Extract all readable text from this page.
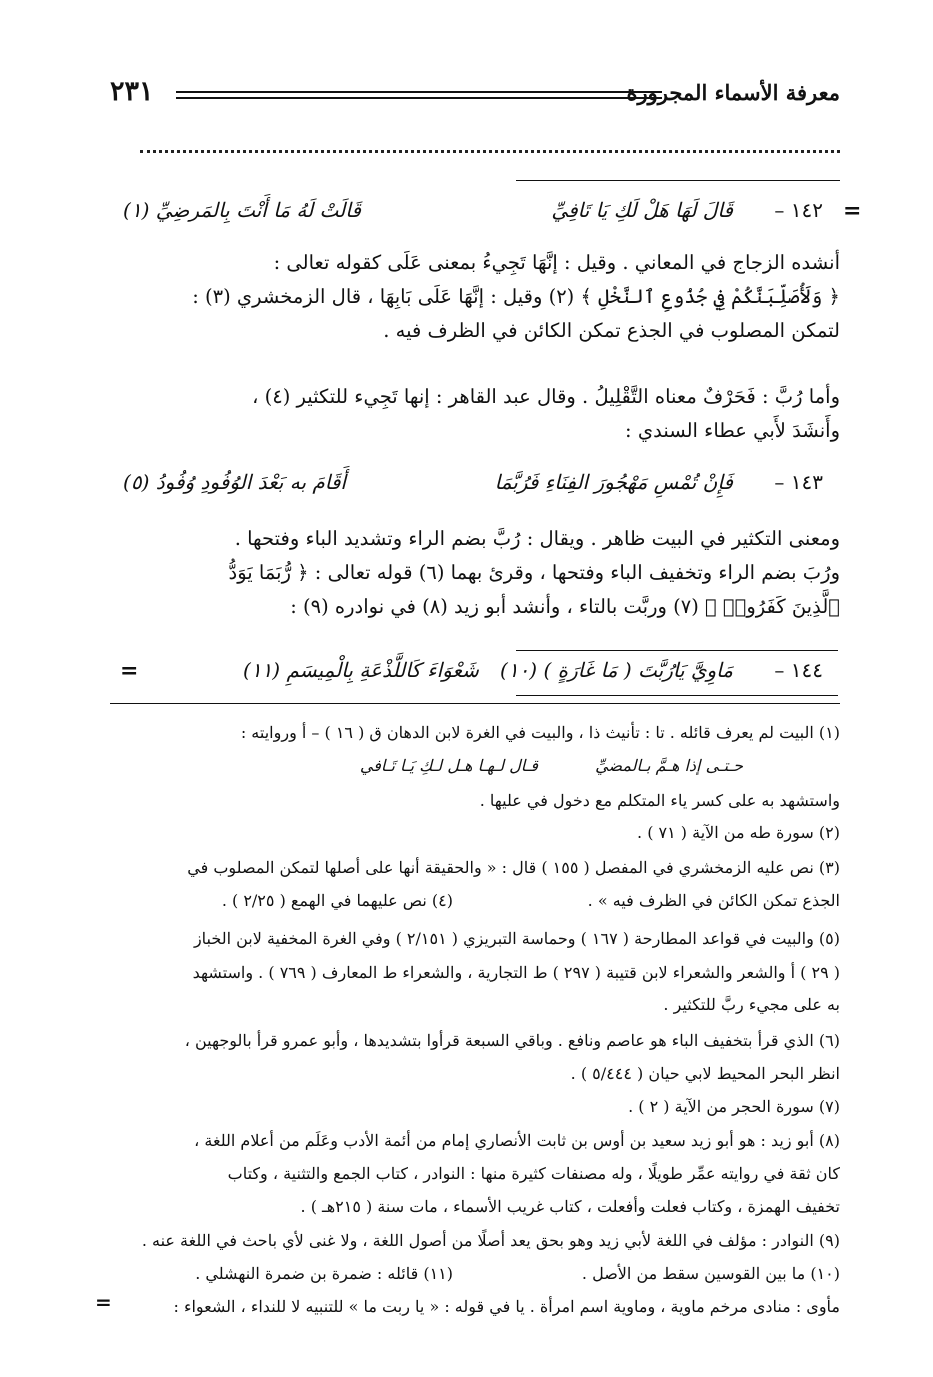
معرفة الأسماء المجرورة
٢٣١
=
١٤٢ –
قَالَ لَهَا هَلْ لَكِ يَا تَافِيِّ
قَالَتْ لَهُ مَا أَنْتَ بِالمَرضِيِّ (١)
أنشده الزجاج في المعاني . وقيل : إنَّهَا تَجِيءُ بمعنى عَلَى كقوله تعالى :
﴿ وَلَأُصَلِّبَنَّكُمْ فِي جُذُوعِ ٱلنَّخْلِ ﴾ (٢) وقيل : إنَّهَا عَلَى بَابِهَا ، قال الزمخشري (٣) :
لتمكن المصلوب في الجذع تمكن الكائن في الظرف فيه .
وأما رُبَّ : فَحَرْفٌ معناه التَّقْلِيلُ . وقال عبد القاهر : إنها تَجِيء للتكثير (٤) ،
وأَنشَدَ لأَبي عطاء السندي :
١٤٣ –
فَإِنْ تُمْسِ مَهْجُورَ الفِنَاءِ فَرُبَّمَا
أَقَامَ به بَعْدَ الوُفُودِ وُفُودُ (٥)
ومعنى التكثير في البيت ظاهر . ويقال : رُبَّ بضم الراء وتشديد الباء وفتحها .
ورُبَ بضم الراء وتخفيف الباء وفتحها ، وقرئ بهما (٦) قوله تعالى : ﴿ رُّبَمَا يَوَدُّ
ٱلَّذِينَ كَفَرُوا۟ ﴾ (٧) وربَّت بالتاء ، وأنشد أبو زيد (٨) في نوادره (٩) :
=	١٤٤ –
مَاوِيَّ يَارُبَّتَ ( مَا غَارَةٍ ) (١٠)
شَعْوَاءَ كَاللَّذْعَةِ بِالْمِيسَمِ (١١)
(١) البيت لم يعرف قائله . تا : تأنيث ذا ، والبيت في الغرة لابن الدهان ق ( ١٦ ) – أ وروايته :
قـال لـهـا هـل لـكِ يَـا تَـافي	حـتـى إذا هـمَّ بـالمضيِّ
واستشهد به على كسر ياء المتكلم مع دخول في عليها .
(٢) سورة طه من الآية ( ٧١ ) .
(٣) نص عليه الزمخشري في المفصل ( ١٥٥ ) قال : « والحقيقة أنها على أصلها لتمكن المصلوب في
الجذع تمكن الكائن في الظرف فيه » .
(٤) نص عليهما في الهمع ( ٢/٢٥ ) .
(٥) والبيت في قواعد المطارحة ( ١٦٧ ) وحماسة التبريزي ( ٢/١٥١ ) وفي الغرة المخفية لابن الخباز
( ٢٩ ) أ والشعر والشعراء لابن قتيبة ( ٢٩٧ ) ط التجارية ، والشعراء ط المعارف ( ٧٦٩ ) . واستشهد
به على مجيء ربَّ للتكثير .
(٦) الذي قرأ بتخفيف الباء هو عاصم ونافع . وباقي السبعة قرأوا بتشديدها ، وأبو عمرو قرأ بالوجهين ،
انظر البحر المحيط لابي حيان ( ٥/٤٤٤ ) .
(٧) سورة الحجر من الآية ( ٢ ) .
(٨) أبو زيد : هو أبو زيد سعيد بن أوس بن ثابت الأنصاري إمام من أئمة الأدب وعَلَم من أعلام اللغة ،
كان ثقة في روايته عمِّر طويلًا ، وله مصنفات كثيرة منها : النوادر ، كتاب الجمع والتثنية ، وكتاب
تخفيف الهمزة ، وكتاب فعلت وأفعلت ، كتاب غريب الأسماء ، مات سنة ( ٢١٥هـ ) .
(٩) النوادر : مؤلف في اللغة لأبي زيد وهو بحق يعد أصلًا من أصول اللغة ، ولا غنى لأي باحث في اللغة عنه .
(١٠) ما بين القوسين سقط من الأصل .
(١١) قائله : ضمرة بن ضمرة النهشلي .
مأوى : منادى مرخم ماوية ، وماوية اسم امرأة . يا في قوله : « يا ربت ما » للتنبيه لا للنداء ، الشعواء :
=
